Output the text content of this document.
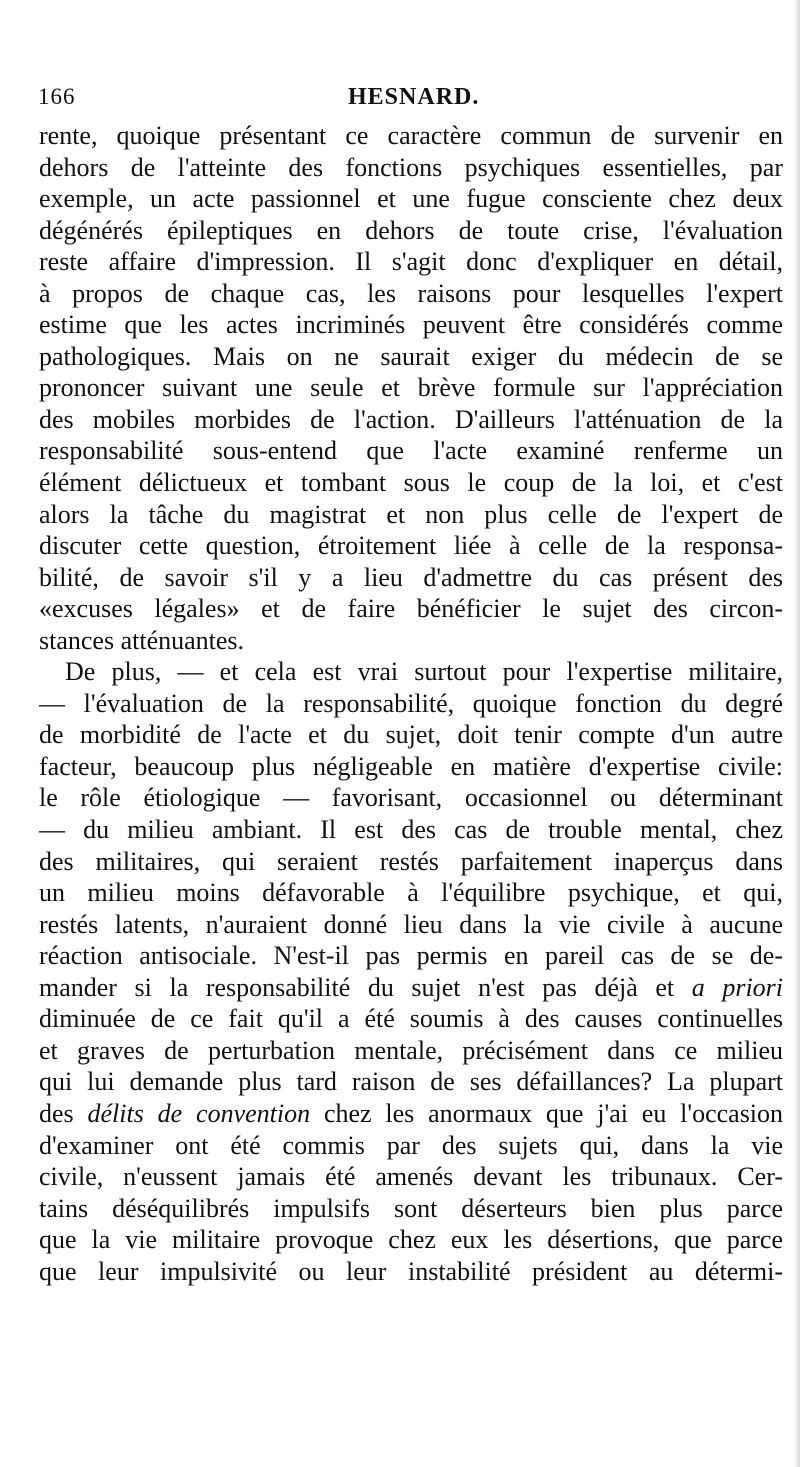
166	HESNARD.
rente, quoique présentant ce caractère commun de survenir en
dehors de l'atteinte des fonctions psychiques essentielles, par
exemple, un acte passionnel et une fugue consciente chez deux
dégénérés épileptiques en dehors de toute crise, l'évaluation
reste affaire d'impression. Il s'agit donc d'expliquer en détail,
à propos de chaque cas, les raisons pour lesquelles l'expert
estime que les actes incriminés peuvent être considérés comme
pathologiques. Mais on ne saurait exiger du médecin de se
prononcer suivant une seule et brève formule sur l'appréciation
des mobiles morbides de l'action. D'ailleurs l'atténuation de la
responsabilité sous-entend que l'acte examiné renferme un
élément délictueux et tombant sous le coup de la loi, et c'est
alors la tâche du magistrat et non plus celle de l'expert de
discuter cette question, étroitement liée à celle de la responsa-
bilité, de savoir s'il y a lieu d'admettre du cas présent des
«excuses légales» et de faire bénéficier le sujet des circon-
stances atténuantes.
De plus, — et cela est vrai surtout pour l'expertise militaire,
— l'évaluation de la responsabilité, quoique fonction du degré
de morbidité de l'acte et du sujet, doit tenir compte d'un autre
facteur, beaucoup plus négligeable en matière d'expertise civile:
le rôle étiologique — favorisant, occasionnel ou déterminant
— du milieu ambiant. Il est des cas de trouble mental, chez
des militaires, qui seraient restés parfaitement inaperçus dans
un milieu moins défavorable à l'équilibre psychique, et qui,
restés latents, n'auraient donné lieu dans la vie civile à aucune
réaction antisociale. N'est-il pas permis en pareil cas de se de-
mander si la responsabilité du sujet n'est pas déjà et a priori
diminuée de ce fait qu'il a été soumis à des causes continuelles
et graves de perturbation mentale, précisément dans ce milieu
qui lui demande plus tard raison de ses défaillances? La plupart
des délits de convention chez les anormaux que j'ai eu l'occasion
d'examiner ont été commis par des sujets qui, dans la vie
civile, n'eussent jamais été amenés devant les tribunaux. Cer-
tains déséquilibrés impulsifs sont déserteurs bien plus parce
que la vie militaire provoque chez eux les désertions, que parce
que leur impulsivité ou leur instabilité président au détermi-
